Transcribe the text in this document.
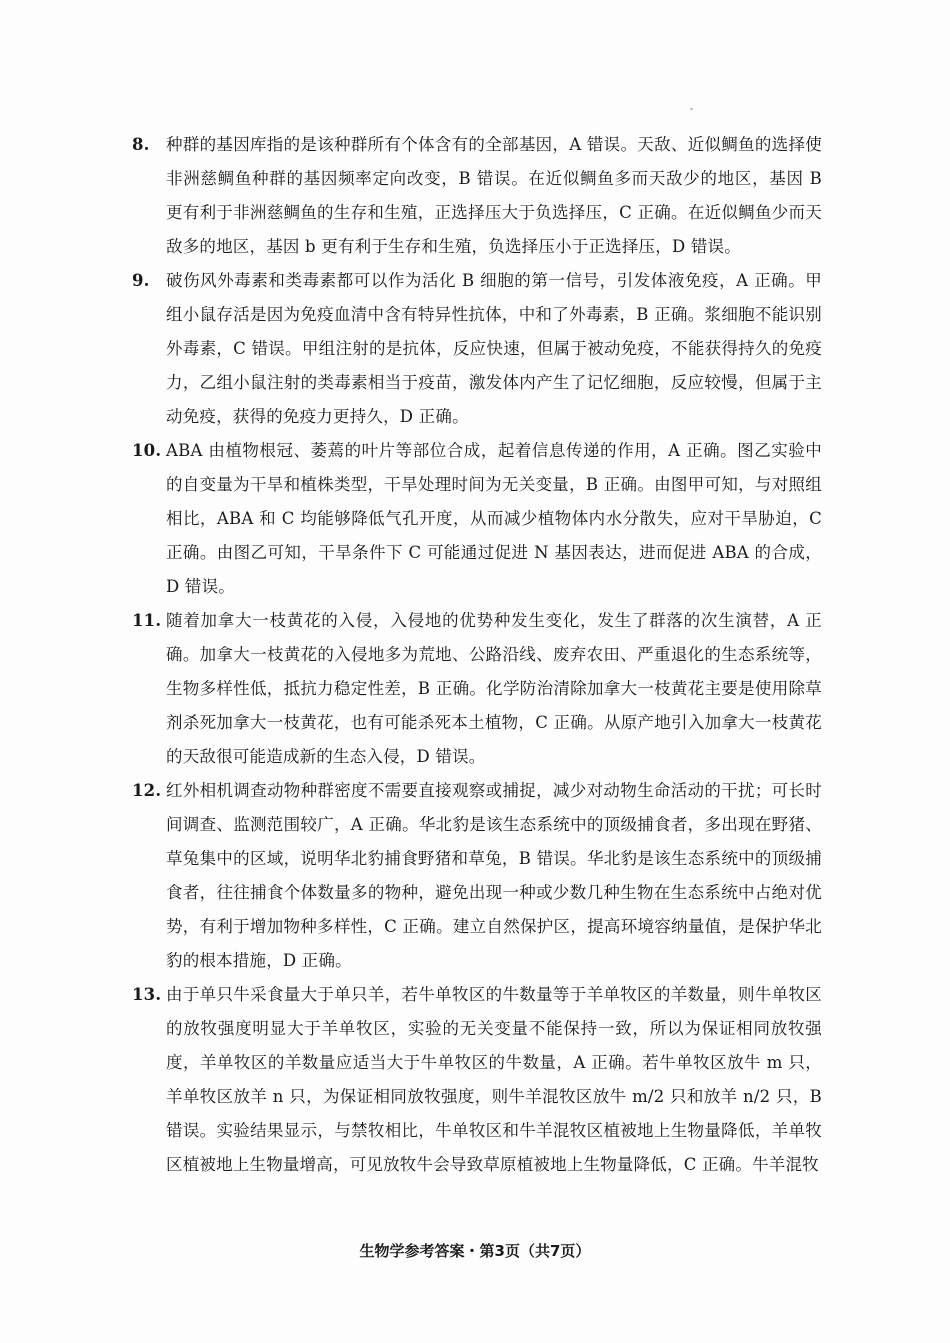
8. 种群的基因库指的是该种群所有个体含有的全部基因，A 错误。天敌、近似鲷鱼的选择使非洲慈鲷鱼种群的基因频率定向改变，B 错误。在近似鲷鱼多而天敌少的地区，基因 B 更有利于非洲慈鲷鱼的生存和生殖，正选择压大于负选择压，C 正确。在近似鲷鱼少而天敌多的地区，基因 b 更有利于生存和生殖，负选择压小于正选择压，D 错误。
9. 破伤风外毒素和类毒素都可以作为活化 B 细胞的第一信号，引发体液免疫，A 正确。甲组小鼠存活是因为免疫血清中含有特异性抗体，中和了外毒素，B 正确。浆细胞不能识别外毒素，C 错误。甲组注射的是抗体，反应快速，但属于被动免疫，不能获得持久的免疫力，乙组小鼠注射的类毒素相当于疫苗，激发体内产生了记忆细胞，反应较慢，但属于主动免疫，获得的免疫力更持久，D 正确。
10. ABA 由植物根冠、萎蔫的叶片等部位合成，起着信息传递的作用，A 正确。图乙实验中的自变量为干旱和植株类型，干旱处理时间为无关变量，B 正确。由图甲可知，与对照组相比，ABA 和 C 均能够降低气孔开度，从而减少植物体内水分散失，应对干旱胁迫，C 正确。由图乙可知，干旱条件下 C 可能通过促进 N 基因表达，进而促进 ABA 的合成，D 错误。
11. 随着加拿大一枝黄花的入侵，入侵地的优势种发生变化，发生了群落的次生演替，A 正确。加拿大一枝黄花的入侵地多为荒地、公路沿线、废弃农田、严重退化的生态系统等，生物多样性低，抵抗力稳定性差，B 正确。化学防治清除加拿大一枝黄花主要是使用除草剂杀死加拿大一枝黄花，也有可能杀死本土植物，C 正确。从原产地引入加拿大一枝黄花的天敌很可能造成新的生态入侵，D 错误。
12. 红外相机调查动物种群密度不需要直接观察或捕捉，减少对动物生命活动的干扰；可长时间调查、监测范围较广，A 正确。华北豹是该生态系统中的顶级捕食者，多出现在野猪、草兔集中的区域，说明华北豹捕食野猪和草兔，B 错误。华北豹是该生态系统中的顶级捕食者，往往捕食个体数量多的物种，避免出现一种或少数几种生物在生态系统中占绝对优势，有利于增加物种多样性，C 正确。建立自然保护区，提高环境容纳量值，是保护华北豹的根本措施，D 正确。
13. 由于单只牛采食量大于单只羊，若牛单牧区的牛数量等于羊单牧区的羊数量，则牛单牧区的放牧强度明显大于羊单牧区，实验的无关变量不能保持一致，所以为保证相同放牧强度，羊单牧区的羊数量应适当大于牛单牧区的牛数量，A 正确。若牛单牧区放牛 m 只，羊单牧区放羊 n 只，为保证相同放牧强度，则牛羊混牧区放牛 m/2 只和放羊 n/2 只，B 错误。实验结果显示，与禁牧相比，牛单牧区和牛羊混牧区植被地上生物量降低，羊单牧区植被地上生物量增高，可见放牧牛会导致草原植被地上生物量降低，C 正确。牛羊混牧
生物学参考答案・第3页（共7页）
